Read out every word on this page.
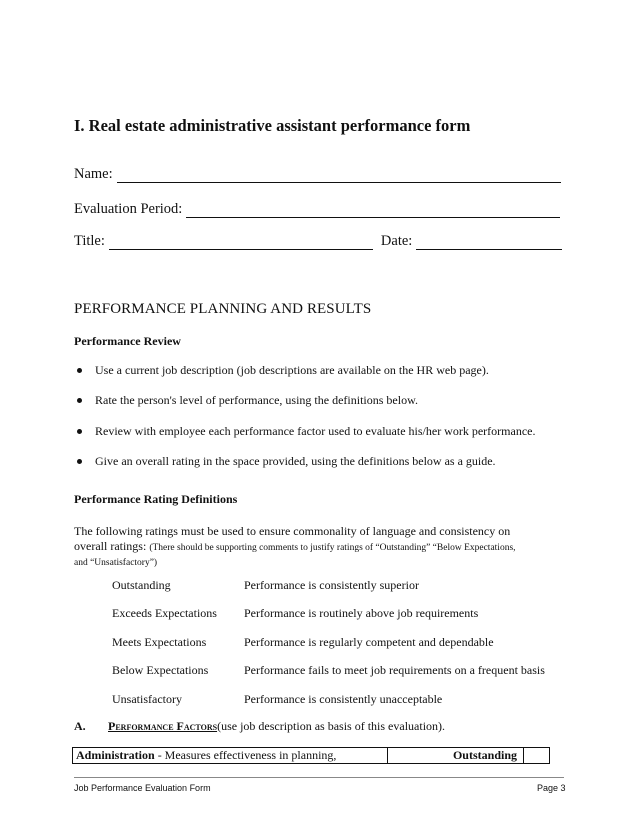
I. Real estate administrative assistant performance form
Name:
Evaluation Period:
Title:	Date:
PERFORMANCE PLANNING AND RESULTS
Performance Review
Use a current job description (job descriptions are available on the HR web page).
Rate the person's level of performance, using the definitions below.
Review with employee each performance factor used to evaluate his/her work performance.
Give an overall rating in the space provided, using the definitions below as a guide.
Performance Rating Definitions
The following ratings must be used to ensure commonality of language and consistency on
overall ratings: (There should be supporting comments to justify ratings of “Outstanding” “Below Expectations,
and “Unsatisfactory”)
Outstanding	Performance is consistently superior
Exceeds Expectations Performance is routinely above job requirements
Meets Expectations	Performance is regularly competent and dependable
Below Expectations	Performance fails to meet job requirements on a frequent basis
Unsatisfactory	Performance is consistently unacceptable
A.	Performance Factors (use job description as basis of this evaluation).
Administration - Measures effectiveness in planning,	Outstanding
Job Performance Evaluation Form	Page 3
